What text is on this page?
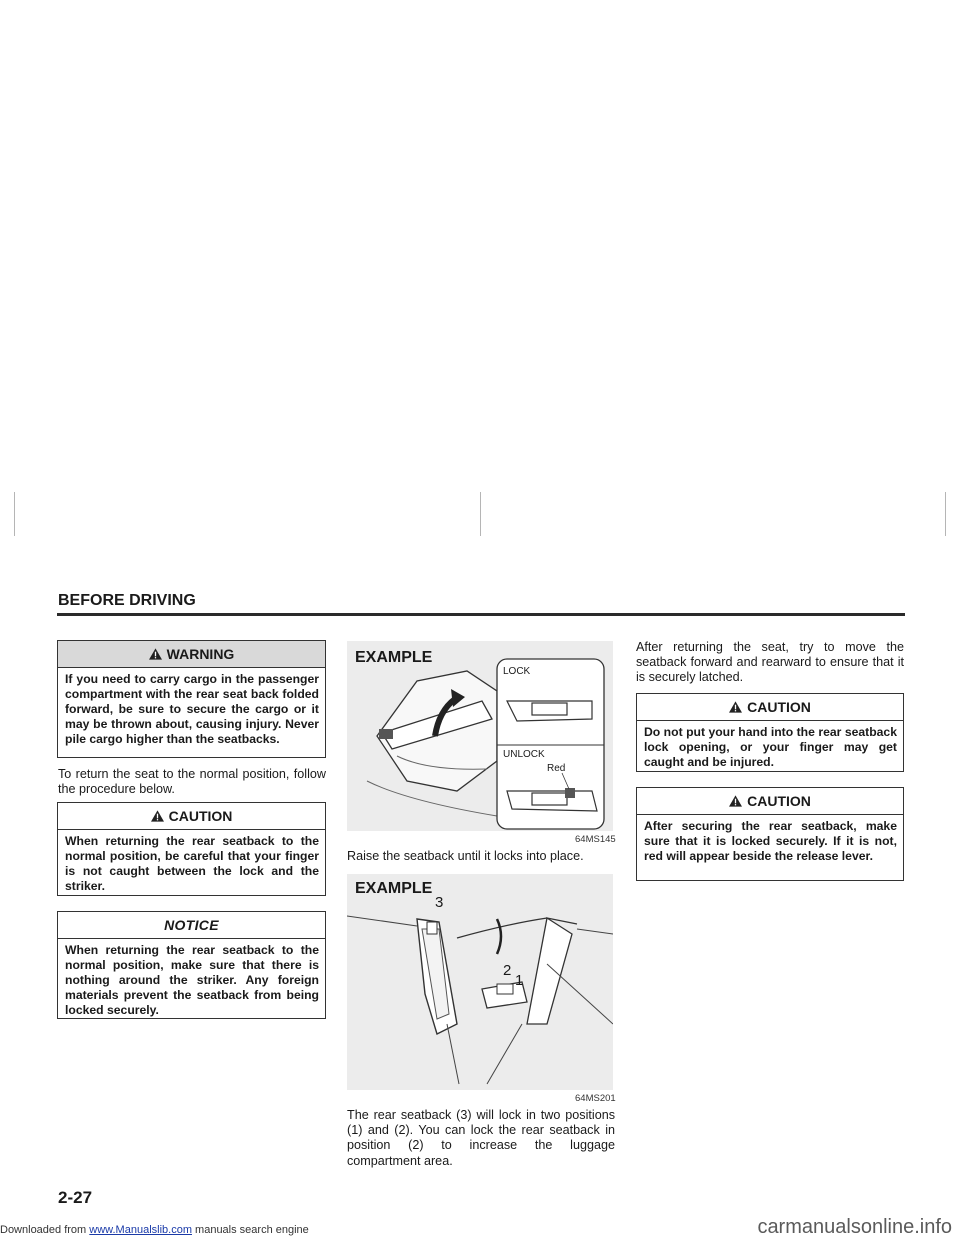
BEFORE DRIVING
WARNING
If you need to carry cargo in the passenger compartment with the rear seat back folded forward, be sure to secure the cargo or it may be thrown about, causing injury. Never pile cargo higher than the seatbacks.
To return the seat to the normal position, follow the procedure below.
CAUTION
When returning the rear seatback to the normal position, be careful that your finger is not caught between the lock and the striker.
NOTICE
When returning the rear seatback to the normal position, make sure that there is nothing around the striker. Any foreign materials prevent the seatback from being locked securely.
EXAMPLE
LOCK
UNLOCK
Red
64MS145
Raise the seatback until it locks into place.
EXAMPLE
3
2
1
64MS201
The rear seatback (3) will lock in two positions (1) and (2). You can lock the rear seatback in position (2) to increase the luggage compartment area.
After returning the seat, try to move the seatback forward and rearward to ensure that it is securely latched.
CAUTION
Do not put your hand into the rear seatback lock opening, or your finger may get caught and be injured.
CAUTION
After securing the rear seatback, make sure that it is locked securely. If it is not, red will appear beside the release lever.
2-27
Downloaded from www.Manualslib.com manuals search engine	carmanualsonline.info
